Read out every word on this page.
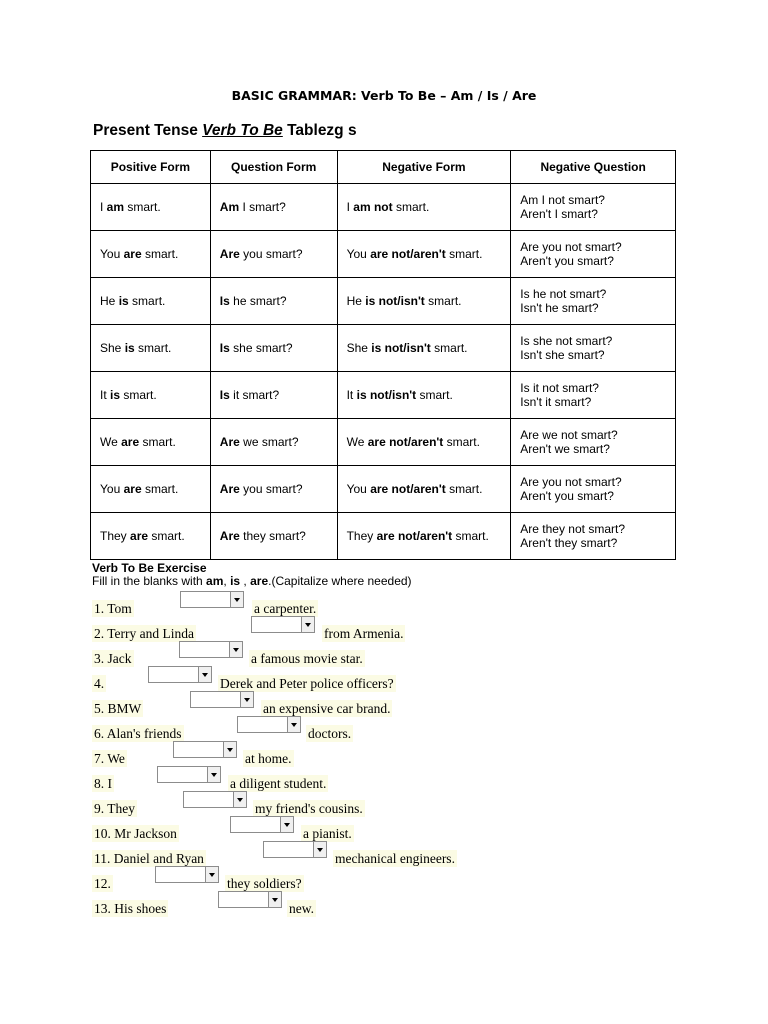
BASIC GRAMMAR: Verb To Be – Am / Is / Are
Present Tense Verb To Be Tablezg s
Positive Form	Question Form	Negative Form	Negative Question
I am smart.	Am I smart?	I am not smart.	Am I not smart?
Aren't I smart?

You are smart.	Are you smart?	You are not/aren't smart.	Are you not smart?
Aren't you smart?

He is smart.	Is he smart?	He is not/isn't smart.	Is he not smart?
Isn't he smart?

She is smart.	Is she smart?	She is not/isn't smart.	Is she not smart?
Isn't she smart?

It is smart.	Is it smart?	It is not/isn't smart.	Is it not smart?
Isn't it smart?

We are smart.	Are we smart?	We are not/aren't smart.	Are we not smart?
Aren't we smart?

You are smart.	Are you smart?	You are not/aren't smart.	Are you not smart?
Aren't you smart?

They are smart.	Are they smart?	They are not/aren't smart.	Are they not smart?
Aren't they smart?
Verb To Be Exercise
Fill in the blanks with am, is , are.(Capitalize where needed)
1. Tom	a carpenter.
2. Terry and Linda	from Armenia.
3. Jack	a famous movie star.
4.	Derek and Peter police officers?
5. BMW	an expensive car brand.
6. Alan's friends	doctors.
7. We	at home.
8. I	a diligent student.
9. They	my friend's cousins.
10. Mr Jackson	a pianist.
11. Daniel and Ryan	mechanical engineers.
12.	they soldiers?
13. His shoes	new.
